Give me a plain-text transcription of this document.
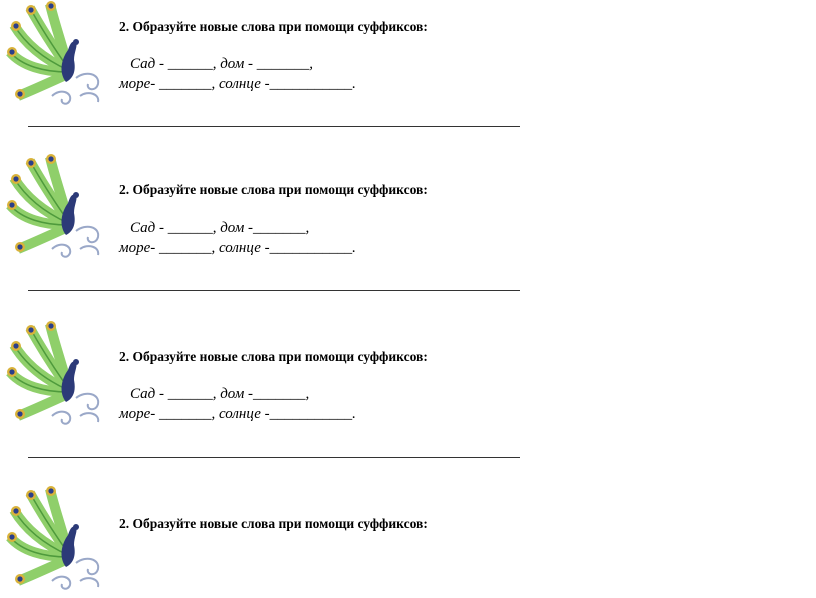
2. Образуйте новые слова при помощи суффиксов:
Сад - ______, дом - _______,
море- _______, солнце -___________.
2. Образуйте новые слова при помощи суффиксов:
Сад - ______, дом -_______,
море- _______, солнце -___________.
2. Образуйте новые слова при помощи суффиксов:
Сад - ______, дом -_______,
море- _______, солнце -___________.
2. Образуйте новые слова при помощи суффиксов:
